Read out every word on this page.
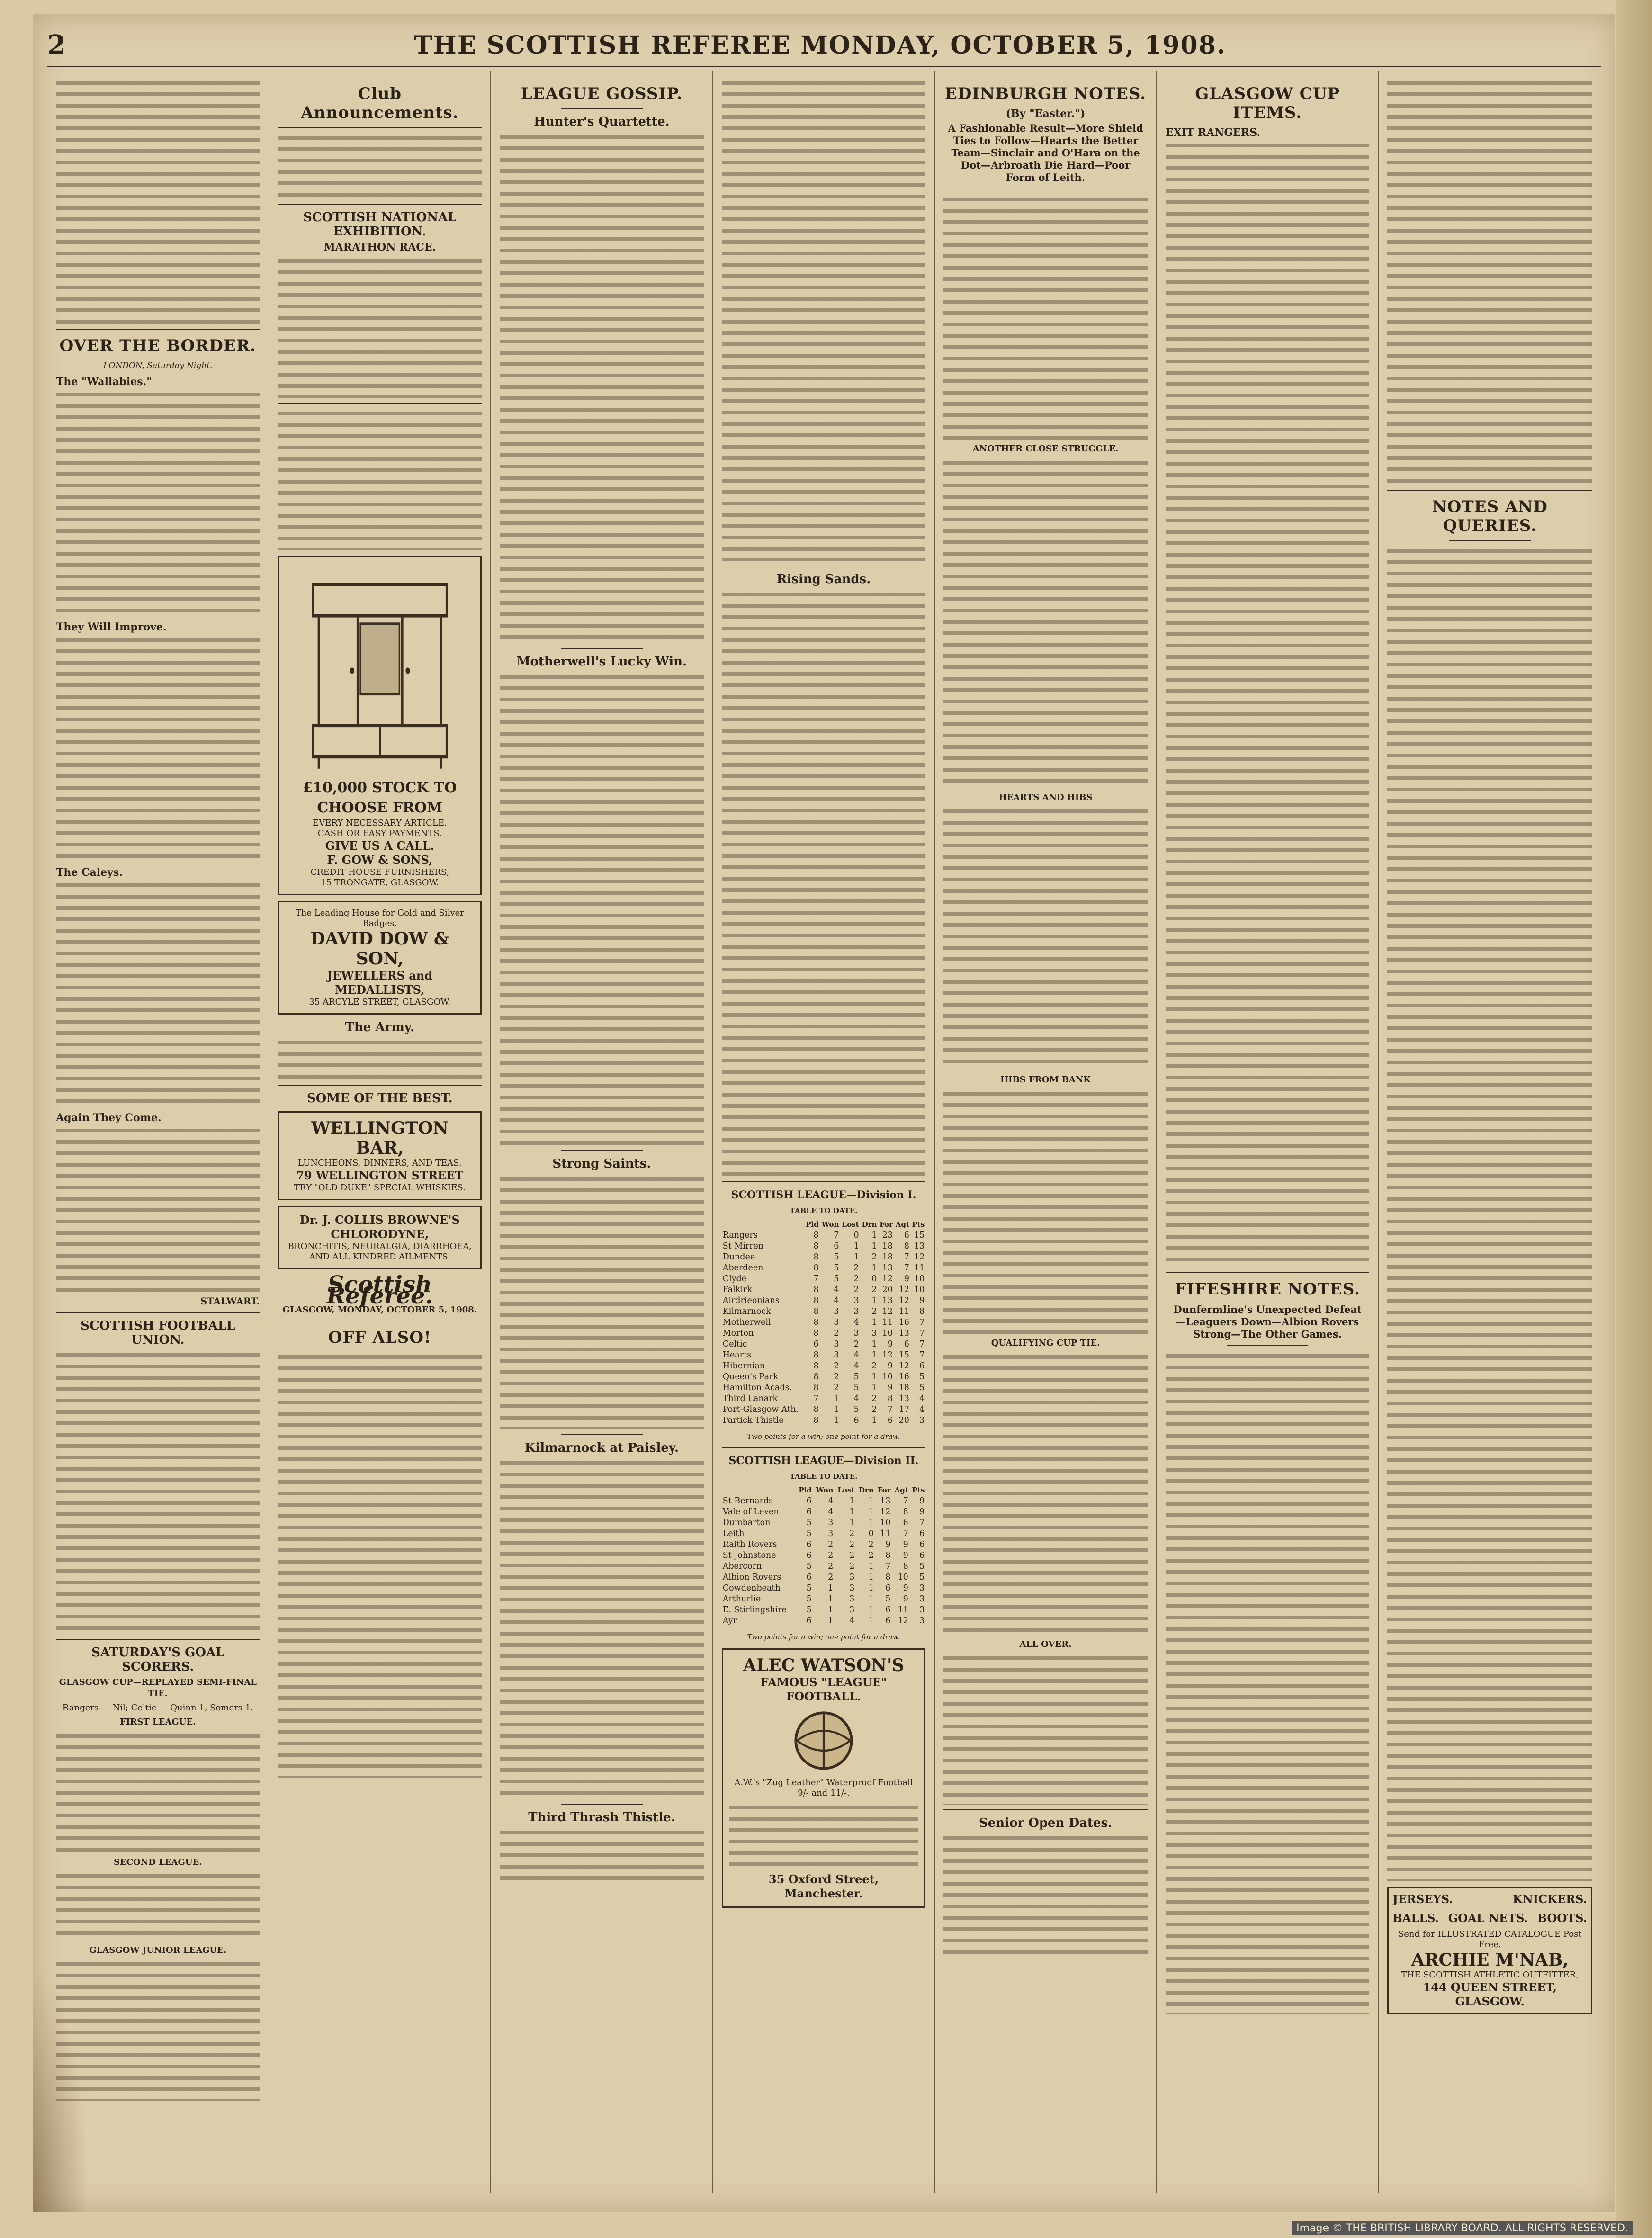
2	THE SCOTTISH REFEREE MONDAY, OCTOBER 5, 1908.
OVER THE BORDER.
LONDON, Saturday Night.
The "Wallabies."
They Will Improve.
The Caleys.
Again They Come.
STALWART.
SCOTTISH FOOTBALL UNION.
SATURDAY'S GOAL SCORERS.
GLASGOW CUP—REPLAYED SEMI-FINAL TIE.
Rangers — Nil; Celtic — Quinn 1, Somers 1.
FIRST LEAGUE.
SECOND LEAGUE.
GLASGOW JUNIOR LEAGUE.
Club Announcements.
SCOTTISH NATIONAL EXHIBITION.
MARATHON RACE.
£10,000 STOCK TO CHOOSE FROM
EVERY NECESSARY ARTICLE.
CASH OR EASY PAYMENTS.
GIVE US A CALL.
F. GOW & SONS,
CREDIT HOUSE FURNISHERS,
15 TRONGATE, GLASGOW.
The Leading House for Gold and Silver Badges.
DAVID DOW & SON,
JEWELLERS and MEDALLISTS,
35 ARGYLE STREET, GLASGOW.
The Army.
SOME OF THE BEST.
WELLINGTON BAR,
LUNCHEONS, DINNERS, AND TEAS.
79 WELLINGTON STREET
TRY "OLD DUKE" SPECIAL WHISKIES.
Dr. J. COLLIS BROWNE'S CHLORODYNE,
BRONCHITIS, NEURALGIA, DIARRHOEA, AND ALL KINDRED AILMENTS.
Scottish Referee.
GLASGOW, MONDAY, OCTOBER 5, 1908.
OFF ALSO!
LEAGUE GOSSIP.
Hunter's Quartette.
Motherwell's Lucky Win.
Strong Saints.
Kilmarnock at Paisley.
Third Thrash Thistle.
Rising Sands.
SCOTTISH LEAGUE—Division I.
TABLE TO DATE.
	Pld	Won	Lost	Drn	For	Agt	Pts
Rangers	8	7	0	1	23	6	15
St Mirren	8	6	1	1	18	8	13
Dundee	8	5	1	2	18	7	12
Aberdeen	8	5	2	1	13	7	11
Clyde	7	5	2	0	12	9	10
Falkirk	8	4	2	2	20	12	10
Airdrieonians	8	4	3	1	13	12	9
Kilmarnock	8	3	3	2	12	11	8
Motherwell	8	3	4	1	11	16	7
Morton	8	2	3	3	10	13	7
Celtic	6	3	2	1	9	6	7
Hearts	8	3	4	1	12	15	7
Hibernian	8	2	4	2	9	12	6
Queen's Park	8	2	5	1	10	16	5
Hamilton Acads.	8	2	5	1	9	18	5
Third Lanark	7	1	4	2	8	13	4
Port-Glasgow Ath.	8	1	5	2	7	17	4
Partick Thistle	8	1	6	1	6	20	3
Two points for a win; one point for a draw.
SCOTTISH LEAGUE—Division II.
TABLE TO DATE.
	Pld	Won	Lost	Drn	For	Agt	Pts
St Bernards	6	4	1	1	13	7	9
Vale of Leven	6	4	1	1	12	8	9
Dumbarton	5	3	1	1	10	6	7
Leith	5	3	2	0	11	7	6
Raith Rovers	6	2	2	2	9	9	6
St Johnstone	6	2	2	2	8	9	6
Abercorn	5	2	2	1	7	8	5
Albion Rovers	6	2	3	1	8	10	5
Cowdenbeath	5	1	3	1	6	9	3
Arthurlie	5	1	3	1	5	9	3
E. Stirlingshire	5	1	3	1	6	11	3
Ayr	6	1	4	1	6	12	3
Two points for a win; one point for a draw.
ALEC WATSON'S
FAMOUS "LEAGUE" FOOTBALL.
A.W.'s "Zug Leather" Waterproof Football 9/- and 11/-.
35 Oxford Street, Manchester.
EDINBURGH NOTES.
(By "Easter.")
A Fashionable Result—More Shield Ties to Follow—Hearts the Better Team—Sinclair and O'Hara on the Dot—Arbroath Die Hard—Poor Form of Leith.
ANOTHER CLOSE STRUGGLE.
HEARTS AND HIBS
HIBS FROM BANK
QUALIFYING CUP TIE.
ALL OVER.
Senior Open Dates.
GLASGOW CUP ITEMS.
EXIT RANGERS.
FIFESHIRE NOTES.
Dunfermline's Unexpected Defeat—Leaguers Down—Albion Rovers Strong—The Other Games.
NOTES AND QUERIES.
JERSEYS.	KNICKERS.
BALLS. GOAL NETS. BOOTS.
Send for ILLUSTRATED CATALOGUE Post Free.
ARCHIE M'NAB,
THE SCOTTISH ATHLETIC OUTFITTER,
144 QUEEN STREET, GLASGOW.
Image © THE BRITISH LIBRARY BOARD. ALL RIGHTS RESERVED.
